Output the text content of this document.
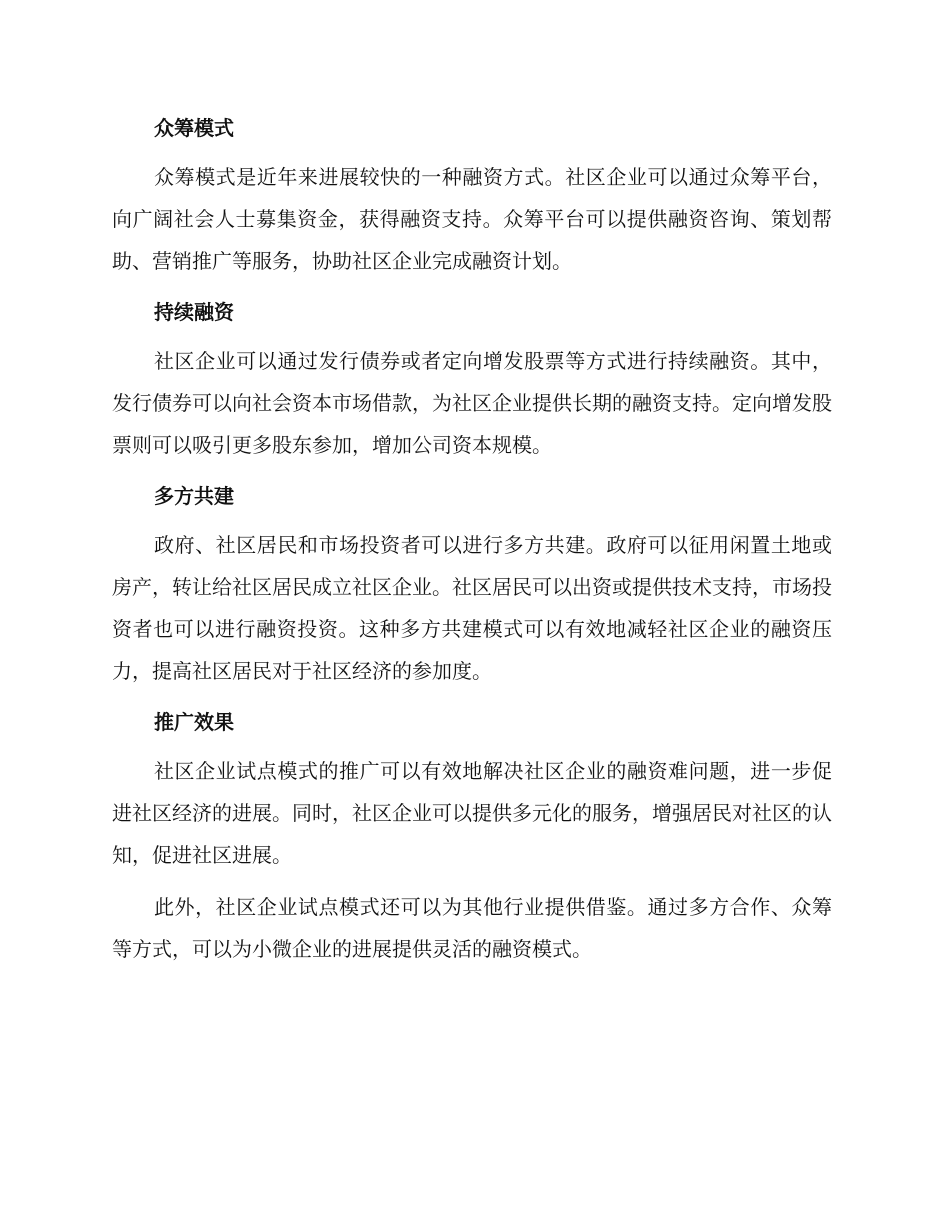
众筹模式

众筹模式是近年来进展较快的一种融资方式。社区企业可以通过众筹平台，向广阔社会人士募集资金，获得融资支持。众筹平台可以提供融资咨询、策划帮助、营销推广等服务，协助社区企业完成融资计划。

持续融资

社区企业可以通过发行债券或者定向增发股票等方式进行持续融资。其中，发行债券可以向社会资本市场借款，为社区企业提供长期的融资支持。定向增发股票则可以吸引更多股东参加，增加公司资本规模。

多方共建

政府、社区居民和市场投资者可以进行多方共建。政府可以征用闲置土地或房产，转让给社区居民成立社区企业。社区居民可以出资或提供技术支持，市场投资者也可以进行融资投资。这种多方共建模式可以有效地减轻社区企业的融资压力，提高社区居民对于社区经济的参加度。

推广效果

社区企业试点模式的推广可以有效地解决社区企业的融资难问题，进一步促进社区经济的进展。同时，社区企业可以提供多元化的服务，增强居民对社区的认知，促进社区进展。

此外，社区企业试点模式还可以为其他行业提供借鉴。通过多方合作、众筹等方式，可以为小微企业的进展提供灵活的融资模式。
